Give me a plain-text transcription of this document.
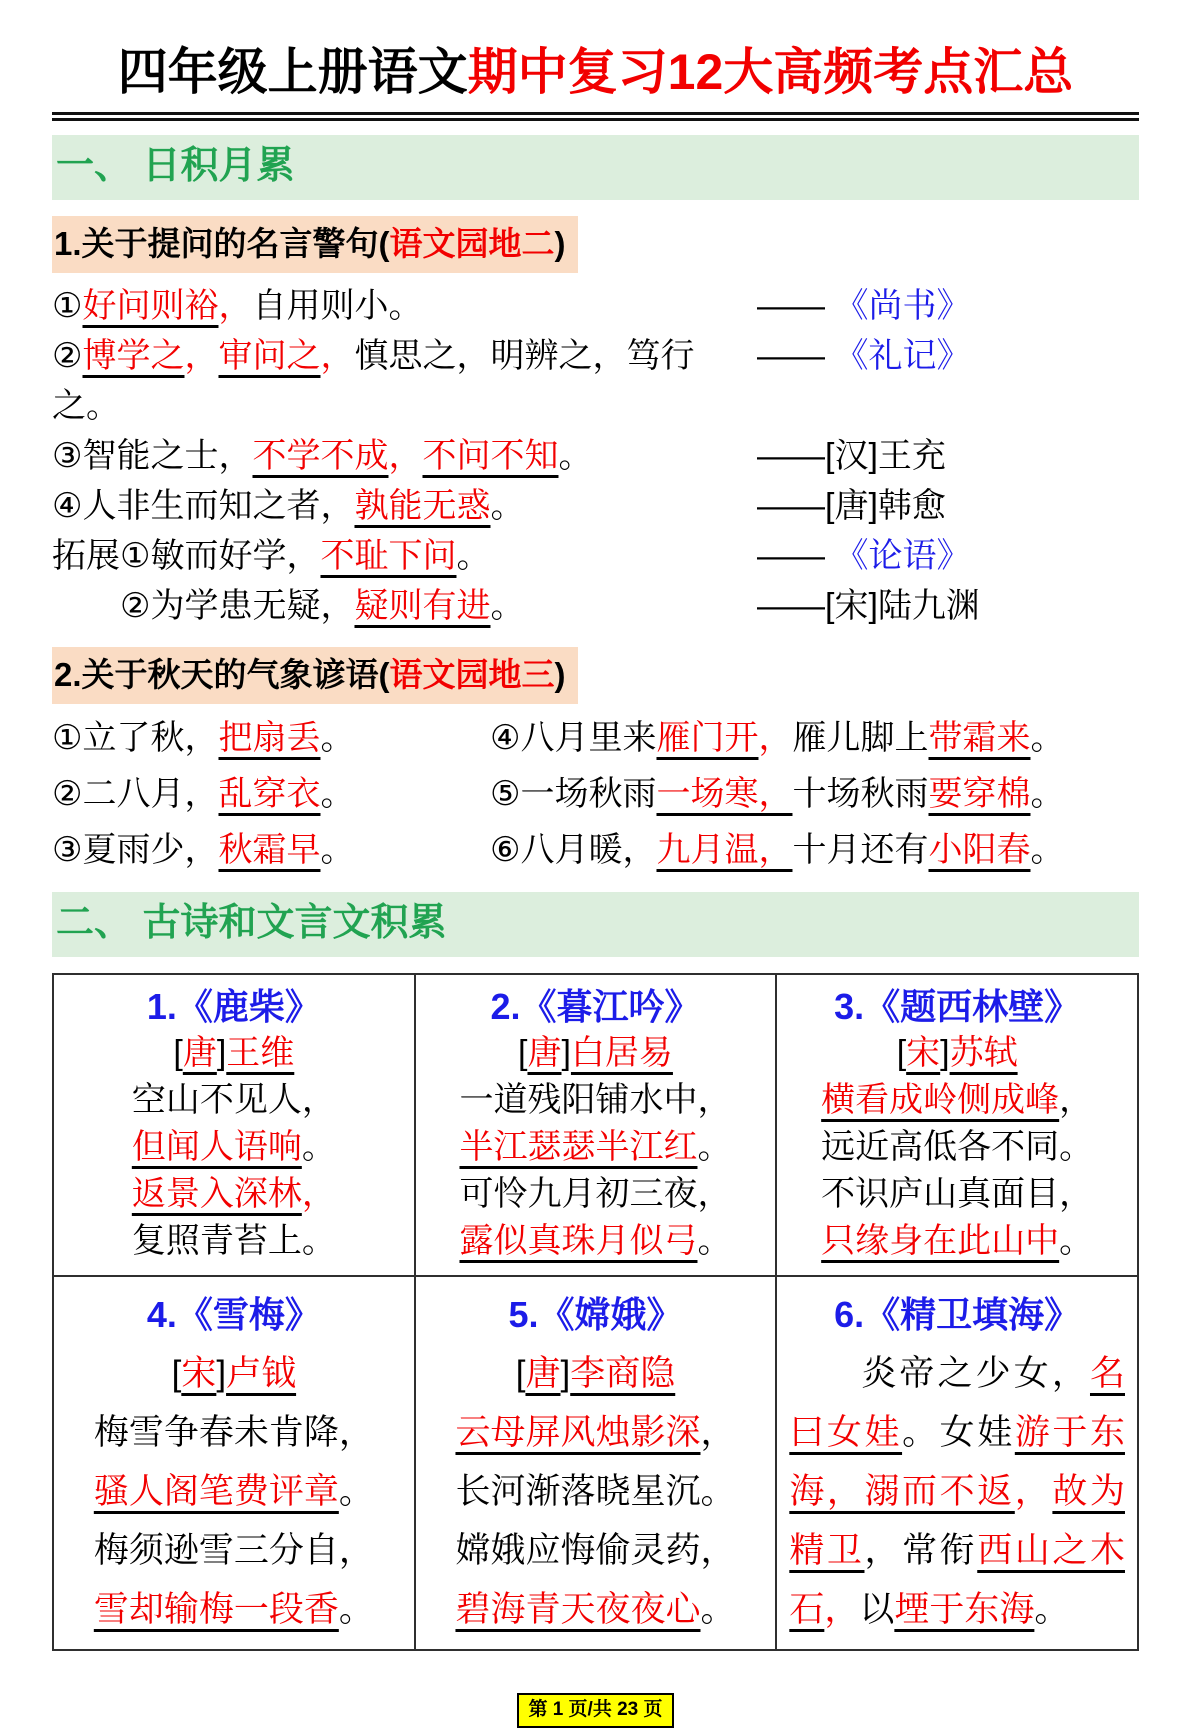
四年级上册语文期中复习12大高频考点汇总
一、 日积月累
1.关于提问的名言警句(语文园地二)
①好问则裕，自用则小。	—— 《尚书》
②博学之，审问之，慎思之，明辨之，笃行之。
—— 《礼记》
③智能之士，不学不成，不问不知。	——[汉]王充
④人非生而知之者，孰能无惑。	——[唐]韩愈
拓展①敏而好学，不耻下问。	—— 《论语》
②为学患无疑，疑则有进。	——[宋]陆九渊
2.关于秋天的气象谚语(语文园地三)
①立了秋，把扇丢。
②二八月，乱穿衣。
③夏雨少，秋霜早。
④八月里来雁门开，雁儿脚上带霜来。
⑤一场秋雨一场寒，十场秋雨要穿棉。
⑥八月暖，九月温，十月还有小阳春。
二、 古诗和文言文积累
1.《鹿柴》
[唐]王维
空山不见人，
但闻人语响。
返景入深林，
复照青苔上。

2.《暮江吟》
[唐]白居易
一道残阳铺水中，
半江瑟瑟半江红。
可怜九月初三夜，
露似真珠月似弓。

3.《题西林壁》
[宋]苏轼
横看成岭侧成峰，
远近高低各不同。
不识庐山真面目，
只缘身在此山中。

4.《雪梅》
[宋]卢钺
梅雪争春未肯降，
骚人阁笔费评章。
梅须逊雪三分自，
雪却输梅一段香。

5.《嫦娥》
[唐]李商隐
云母屏风烛影深，
长河渐落晓星沉。
嫦娥应悔偷灵药，
碧海青天夜夜心。

6.《精卫填海》
炎帝之少女，名曰女娃。女娃游于东海，溺而不返，故为精卫，常衔西山之木石，以堙于东海。
第 1 页/共 23 页
